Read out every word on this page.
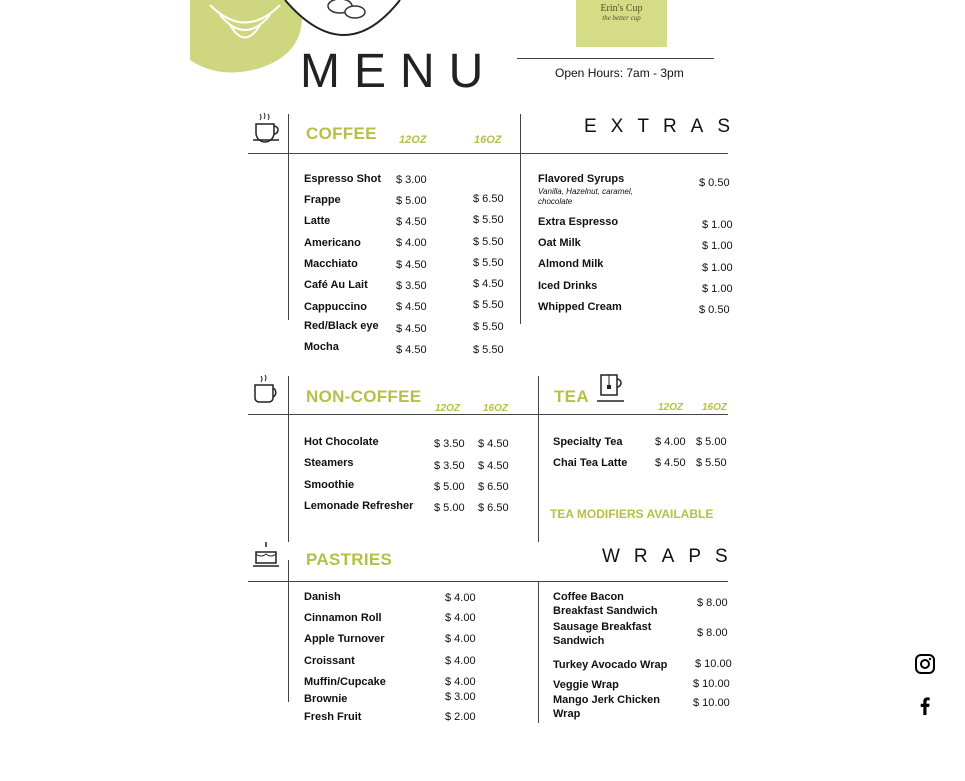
MENU
Erin's Cup
the better cup
Open Hours: 7am - 3pm
COFFEE 12OZ	16OZ
Espresso Shot $ 3.00
Frappe	$ 5.00	$ 6.50
Latte	$ 4.50	$ 5.50
Americano	$ 4.00	$ 5.50
Macchiato	$ 4.50	$ 5.50
Café Au Lait	$ 3.50	$ 4.50
Cappuccino	$ 4.50	$ 5.50
Red/Black eye $ 4.50	$ 5.50
Mocha	$ 4.50	$ 5.50
EXTRAS
Flavored Syrups
Vanilla, Hazelnut, caramel, chocolate
$ 0.50
Extra Espresso	$ 1.00
Oat Milk	$ 1.00
Almond Milk	$ 1.00
Iced Drinks	$ 1.00
Whipped Cream	$ 0.50
NON-COFFEE
12OZ 16OZ
Hot Chocolate	$ 3.50 $ 4.50
Steamers	$ 3.50 $ 4.50
Smoothie	$ 5.00 $ 6.50
Lemonade Refresher $ 5.00 $ 6.50
TEA
12OZ 16OZ
Specialty Tea	$ 4.00 $ 5.00
Chai Tea Latte	$ 4.50 $ 5.50
TEA MODIFIERS AVAILABLE
PASTRIES
Danish	$ 4.00
Cinnamon Roll	$ 4.00
Apple Turnover	$ 4.00
Croissant	$ 4.00
Muffin/Cupcake	$ 4.00
Brownie	$ 3.00
Fresh Fruit	$ 2.00
WRAPS
Coffee Bacon Breakfast Sandwich
$ 8.00
Sausage Breakfast Sandwich
$ 8.00
Turkey Avocado Wrap	$ 10.00
Veggie Wrap	$ 10.00
Mango Jerk Chicken Wrap
$ 10.00
